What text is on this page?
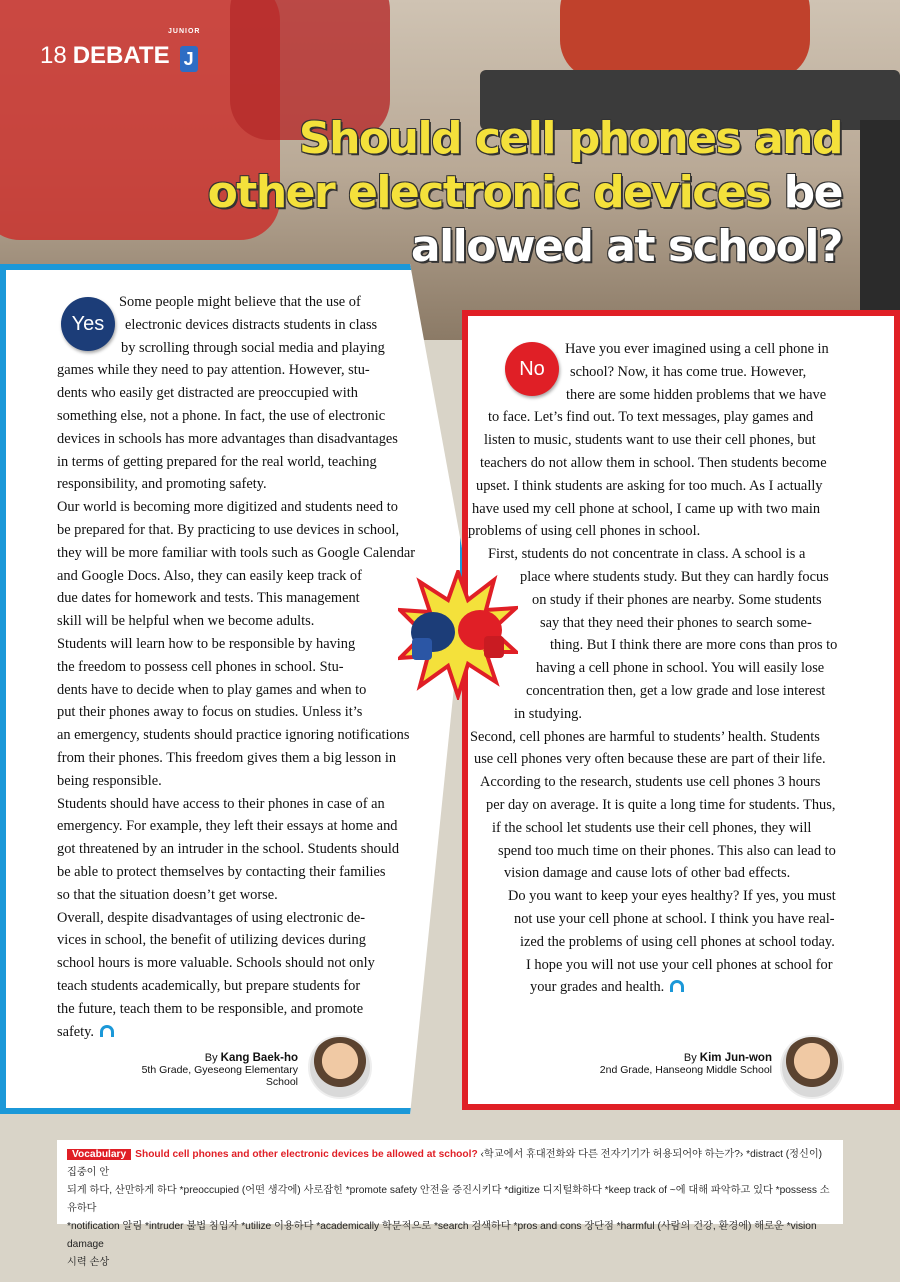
18 DEBATE J
JUNIOR
Should cell phones and
other electronic devices be
allowed at school?
Yes

Some people might believe that the use of

electronic devices distracts students in class

by scrolling through social media and playing

games while they need to pay attention. However, stu-

dents who easily get distracted are preoccupied with

something else, not a phone. In fact, the use of electronic

devices in schools has more advantages than disadvantages

in terms of getting prepared for the real world, teaching

responsibility, and promoting safety.

Our world is becoming more digitized and students need to

be prepared for that. By practicing to use devices in school,

they will be more familiar with tools such as Google Calendar

and Google Docs. Also, they can easily keep track of

due dates for homework and tests. This management

skill will be helpful when we become adults.

Students will learn how to be responsible by having

the freedom to possess cell phones in school. Stu-

dents have to decide when to play games and when to

put their phones away to focus on studies. Unless it’s

an emergency, students should practice ignoring notifications

from their phones. This freedom gives them a big lesson in

being responsible.

Students should have access to their phones in case of an

emergency. For example, they left their essays at home and

got threatened by an intruder in the school. Students should

be able to protect themselves by contacting their families

so that the situation doesn’t get worse.

Overall, despite disadvantages of using electronic de-

vices in school, the benefit of utilizing devices during

school hours is more valuable. Schools should not only

teach students academically, but prepare students for

the future, teach them to be responsible, and promote

safety.

By Kang Baek-ho
5th Grade, Gyeseong Elementary School
No

Have you ever imagined using a cell phone in

school? Now, it has come true. However,

there are some hidden problems that we have

to face. Let’s find out. To text messages, play games and

listen to music, students want to use their cell phones, but

teachers do not allow them in school. Then students become

upset. I think students are asking for too much. As I actually

have used my cell phone at school, I came up with two main

problems of using cell phones in school.

First, students do not concentrate in class. A school is a

place where students study. But they can hardly focus

on study if their phones are nearby. Some students

say that they need their phones to search some-

thing. But I think there are more cons than pros to

having a cell phone in school. You will easily lose

concentration then, get a low grade and lose interest

in studying.

Second, cell phones are harmful to students’ health. Students

use cell phones very often because these are part of their life.

According to the research, students use cell phones 3 hours

per day on average. It is quite a long time for students. Thus,

if the school let students use their cell phones, they will

spend too much time on their phones. This also can lead to

vision damage and cause lots of other bad effects.

Do you want to keep your eyes healthy? If yes, you must

not use your cell phone at school. I think you have real-

ized the problems of using cell phones at school today.

I hope you will not use your cell phones at school for

your grades and health.

By Kim Jun-won
2nd Grade, Hanseong Middle School
Vocabulary Should cell phones and other electronic devices be allowed at school? ‹학교에서 휴대전화와 다른 전자기기가 허용되어야 하는가?› *distract (정신이) 집중이 안
되게 하다, 산만하게 하다 *preoccupied (어떤 생각에) 사로잡힌 *promote safety 안전을 증진시키다 *digitize 디지털화하다 *keep track of ~에 대해 파악하고 있다 *possess 소유하다
*notification 알림 *intruder 불법 침입자 *utilize 이용하다 *academically 학문적으로 *search 검색하다 *pros and cons 장단점 *harmful (사람의 건강, 환경에) 해로운 *vision damage
시력 손상
